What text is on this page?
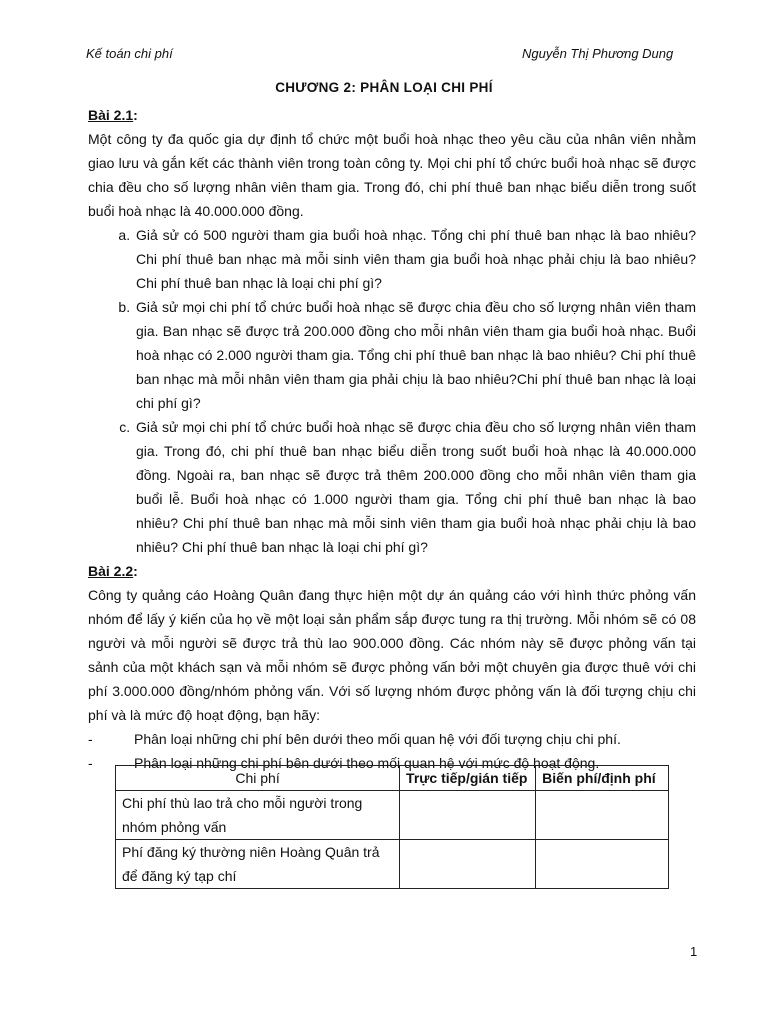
Kế toán chi phí	Nguyễn Thị Phương Dung
CHƯƠNG 2: PHÂN LOẠI CHI PHÍ
Bài 2.1:

Một công ty đa quốc gia dự định tổ chức một buổi hoà nhạc theo yêu cầu của nhân viên nhằm giao lưu và gắn kết các thành viên trong toàn công ty. Mọi chi phí tổ chức buổi hoà nhạc sẽ được chia đều cho số lượng nhân viên tham gia. Trong đó, chi phí thuê ban nhạc biểu diễn trong suốt buổi hoà nhạc là 40.000.000 đồng.

a. Giả sử có 500 người tham gia buổi hoà nhạc. Tổng chi phí thuê ban nhạc là bao nhiêu? Chi phí thuê ban nhạc mà mỗi sinh viên tham gia buổi hoà nhạc phải chịu là bao nhiêu?Chi phí thuê ban nhạc là loại chi phí gì?
b. Giả sử mọi chi phí tổ chức buổi hoà nhạc sẽ được chia đều cho số lượng nhân viên tham gia. Ban nhạc sẽ được trả 200.000 đồng cho mỗi nhân viên tham gia buổi hoà nhạc. Buổi hoà nhạc có 2.000 người tham gia. Tổng chi phí thuê ban nhạc là bao nhiêu? Chi phí thuê ban nhạc mà mỗi nhân viên tham gia phải chịu là bao nhiêu?Chi phí thuê ban nhạc là loại chi phí gì?
c. Giả sử mọi chi phí tổ chức buổi hoà nhạc sẽ được chia đều cho số lượng nhân viên tham gia. Trong đó, chi phí thuê ban nhạc biểu diễn trong suốt buổi hoà nhạc là 40.000.000 đồng. Ngoài ra, ban nhạc sẽ được trả thêm 200.000 đồng cho mỗi nhân viên tham gia buổi lễ. Buổi hoà nhạc có 1.000 người tham gia. Tổng chi phí thuê ban nhạc là bao nhiêu? Chi phí thuê ban nhạc mà mỗi sinh viên tham gia buổi hoà nhạc phải chịu là bao nhiêu? Chi phí thuê ban nhạc là loại chi phí gì?
Bài 2.2:

Công ty quảng cáo Hoàng Quân đang thực hiện một dự án quảng cáo với hình thức phỏng vấn nhóm để lấy ý kiến của họ về một loại sản phẩm sắp được tung ra thị trường. Mỗi nhóm sẽ có 08 người và mỗi người sẽ được trả thù lao 900.000 đồng. Các nhóm này sẽ được phỏng vấn tại sảnh của một khách sạn và mỗi nhóm sẽ được phỏng vấn bởi một chuyên gia được thuê với chi phí 3.000.000 đồng/nhóm phỏng vấn. Với số lượng nhóm được phỏng vấn là đối tượng chịu chi phí và là mức độ hoạt động, bạn hãy:

-	Phân loại những chi phí bên dưới theo mối quan hệ với đối tượng chịu chi phí.
-	Phân loại những chi phí bên dưới theo mối quan hệ với mức độ hoạt động.
Chi phí	Trực tiếp/gián tiếp	Biến phí/định phí
Chi phí thù lao trả cho mỗi người trong nhóm phỏng vấn		
Phí đăng ký thường niên Hoàng Quân trả để đăng ký tạp chí		
1
